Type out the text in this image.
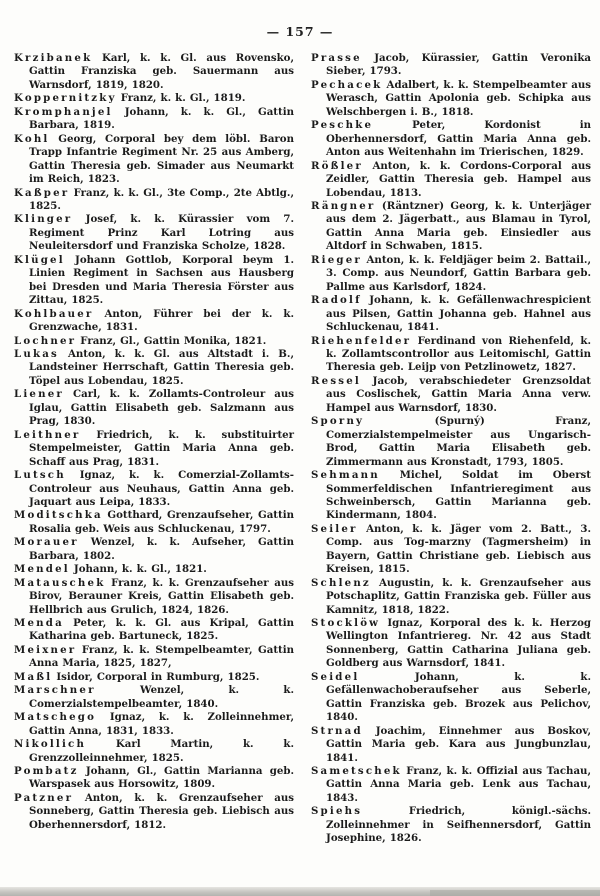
— 157 —

Krzibanek Karl, k. k. Gl. aus Rovensko, Gattin Franziska geb. Sauermann aus Warnsdorf, 1819, 1820.

Koppernitzky Franz, k. k. Gl., 1819.

Kromphanjel Johann, k. k. Gl., Gattin Barbara, 1819.

Kohl Georg, Corporal bey dem löbl. Baron Trapp Infantrie Regiment Nr. 25 aus Amberg, Gattin Theresia geb. Simader aus Neumarkt im Reich, 1823.

Kaßper Franz, k. k. Gl., 3te Comp., 2te Abtlg., 1825.

Klinger Josef, k. k. Kürassier vom 7. Regiment Prinz Karl Lotring aus Neuleitersdorf und Franziska Scholze, 1828.

Klügel Johann Gottlob, Korporal beym 1. Linien Regiment in Sachsen aus Hausberg bei Dresden und Maria Theresia Förster aus Zittau, 1825.

Kohlbauer Anton, Führer bei der k. k. Grenzwache, 1831.

Lochner Franz, Gl., Gattin Monika, 1821.

Lukas Anton, k. k. Gl. aus Altstadt i. B., Landsteiner Herrschaft, Gattin Theresia geb. Töpel aus Lobendau, 1825.

Liener Carl, k. k. Zollamts-Controleur aus Iglau, Gattin Elisabeth geb. Salzmann aus Prag, 1830.

Leithner Friedrich, k. k. substituirter Stempelmeister, Gattin Maria Anna geb. Schaff aus Prag, 1831.

Lutsch Ignaz, k. k. Comerzial-Zollamts-Controleur aus Neuhaus, Gattin Anna geb. Jaquart aus Leipa, 1833.

Moditschka Gotthard, Grenzaufseher, Gattin Rosalia geb. Weis aus Schluckenau, 1797.

Morauer Wenzel, k. k. Aufseher, Gattin Barbara, 1802.

Mendel Johann, k. k. Gl., 1821.

Matauschek Franz, k. k. Grenzaufseher aus Birov, Berauner Kreis, Gattin Elisabeth geb. Hellbrich aus Grulich, 1824, 1826.

Menda Peter, k. k. Gl. aus Kripal, Gattin Katharina geb. Bartuneck, 1825.

Meixner Franz, k. k. Stempelbeamter, Gattin Anna Maria, 1825, 1827,

Maßl Isidor, Corporal in Rumburg, 1825.

Marschner	Wenzel, k. k. Comerzialstempelbeamter, 1840.

Matschego Ignaz, k. k. Zolleinnehmer, Gattin Anna, 1831, 1833.

Nikollich	Karl Martin, k. k. Grenzzolleinnehmer, 1825.

Pombatz Johann, Gl., Gattin Marianna geb. Warspasek aus Horsowitz, 1809.

Patzner Anton, k. k. Grenzaufseher aus Sonneberg, Gattin Theresia geb. Liebisch aus Oberhennersdorf, 1812.

Prasse Jacob, Kürassier, Gattin Veronika Sieber, 1793.

Pechacek Adalbert, k. k. Stempelbeamter aus Werasch, Gattin Apolonia geb. Schipka aus Welschbergen i. B., 1818.

Peschke	Peter, Kordonist in Oberhennersdorf, Gattin Maria Anna geb. Anton aus Weitenhahn im Trierischen, 1829.

Rößler Anton, k. k. Cordons-Corporal aus Zeidler, Gattin Theresia geb. Hampel aus Lobendau, 1813.

Rängner (Räntzner) Georg, k. k. Unterjäger aus dem 2. Jägerbatt., aus Blamau in Tyrol, Gattin Anna Maria geb. Einsiedler aus Altdorf in Schwaben, 1815.

Rieger Anton, k. k. Feldjäger beim 2. Battail., 3. Comp. aus Neundorf, Gattin Barbara geb. Pallme aus Karlsdorf, 1824.

Radolf Johann, k. k. Gefällenwachrespicient aus Pilsen, Gattin Johanna geb. Hahnel aus Schluckenau, 1841.

Riehenfelder Ferdinand von Riehenfeld, k. k. Zollamtscontrollor aus Leitomischl, Gattin Theresia geb. Leijp von Petzlinowetz, 1827.

Ressel Jacob, verabschiedeter Grenzsoldat aus Coslischek, Gattin Maria Anna verw. Hampel aus Warnsdorf, 1830.

Sporny	(Spurný) Franz, Comerzialstempelmeister aus Ungarisch-Brod, Gattin Maria Elisabeth geb. Zimmermann aus Kronstadt, 1793, 1805.

Sehmann Michel, Soldat im Oberst Sommerfeldischen Infantrieregiment aus Schweinbersch, Gattin Marianna geb. Kindermann, 1804.

Seiler Anton, k. k. Jäger vom 2. Batt., 3. Comp. aus Tog-marzny (Tagmersheim) in Bayern, Gattin Christiane geb. Liebisch aus Kreisen, 1815.

Schlenz Augustin, k. k. Grenzaufseher aus Potschaplitz, Gattin Franziska geb. Füller aus Kamnitz, 1818, 1822.

Stocklöw Ignaz, Korporal des k. k. Herzog Wellington Infantriereg. Nr. 42 aus Stadt Sonnenberg, Gattin Catharina Juliana geb. Goldberg aus Warnsdorf, 1841.

Seidel	Johann, k. k. Gefällenwachoberaufseher aus Seberle, Gattin Franziska geb. Brozek aus Pelichov, 1840.

Strnad Joachim, Einnehmer aus Boskov, Gattin Maria geb. Kara aus Jungbunzlau, 1841.

Sametschek Franz, k. k. Offizial aus Tachau, Gattin Anna Maria geb. Lenk aus Tachau, 1843.

Spiehs	Friedrich, königl.-sächs. Zolleinnehmer in Seifhennersdorf, Gattin Josephine, 1826.
